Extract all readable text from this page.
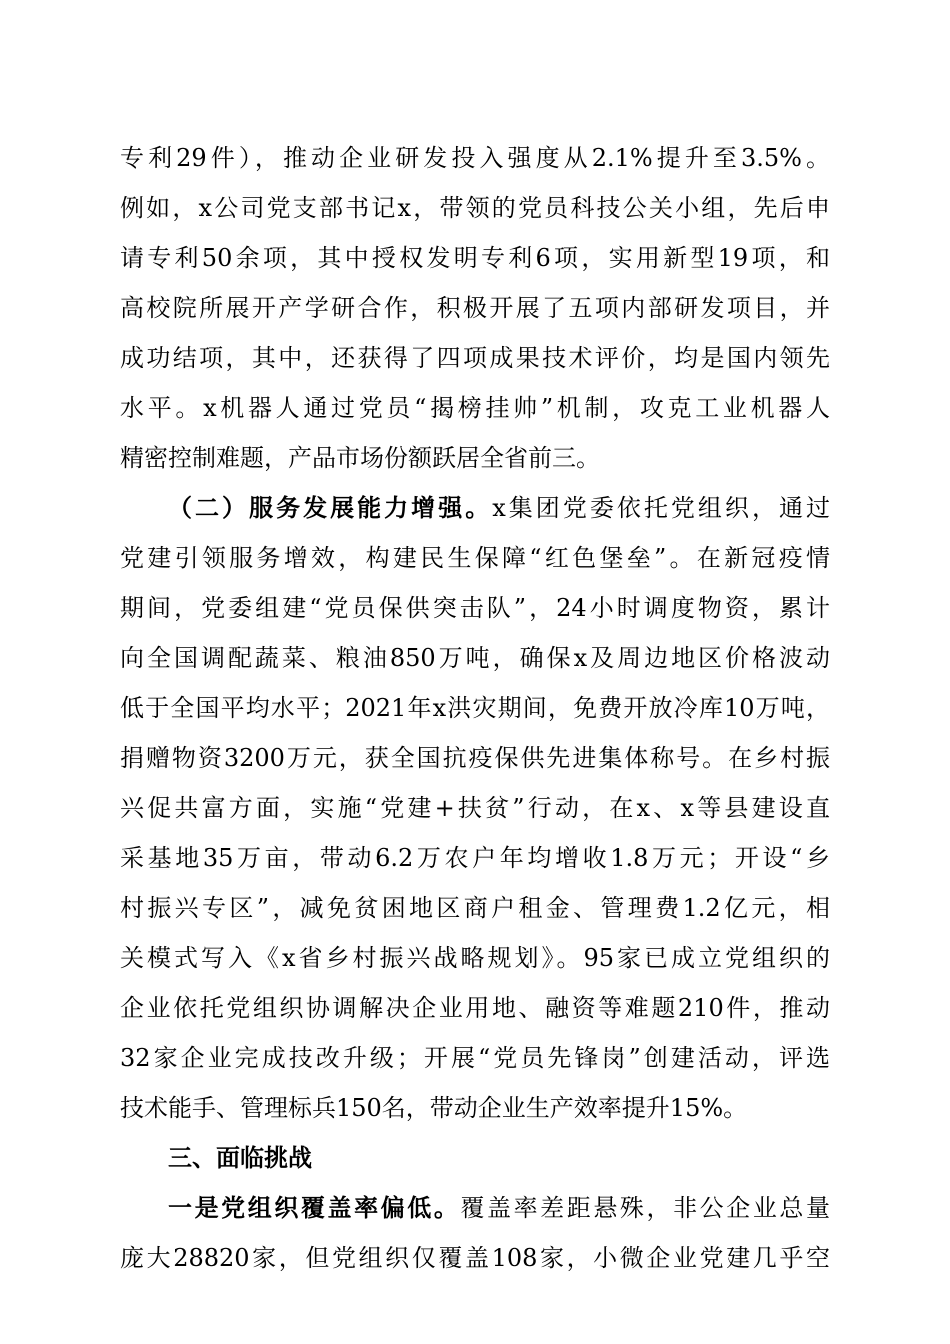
专利29件），推动企业研发投入强度从2.1%提升至3.5%。
例如，x公司党支部书记x，带领的党员科技公关小组，先后申
请专利50余项，其中授权发明专利6项，实用新型19项，和
高校院所展开产学研合作，积极开展了五项内部研发项目，并
成功结项，其中，还获得了四项成果技术评价，均是国内领先
水平。x机器人通过党员“揭榜挂帅”机制，攻克工业机器人
精密控制难题，产品市场份额跃居全省前三。
（二）服务发展能力增强。x集团党委依托党组织，通过
党建引领服务增效，构建民生保障“红色堡垒”。在新冠疫情
期间，党委组建“党员保供突击队”，24小时调度物资，累计
向全国调配蔬菜、粮油850万吨，确保x及周边地区价格波动
低于全国平均水平；2021年x洪灾期间，免费开放冷库10万吨，
捐赠物资3200万元，获全国抗疫保供先进集体称号。在乡村振
兴促共富方面，实施“党建+扶贫”行动，在x、x等县建设直
采基地35万亩，带动6.2万农户年均增收1.8万元；开设“乡
村振兴专区”，减免贫困地区商户租金、管理费1.2亿元，相
关模式写入《x省乡村振兴战略规划》。95家已成立党组织的
企业依托党组织协调解决企业用地、融资等难题210件，推动
32家企业完成技改升级；开展“党员先锋岗”创建活动，评选
技术能手、管理标兵150名，带动企业生产效率提升15%。
三、面临挑战
一是党组织覆盖率偏低。覆盖率差距悬殊，非公企业总量
庞大28820家，但党组织仅覆盖108家，小微企业党建几乎空
